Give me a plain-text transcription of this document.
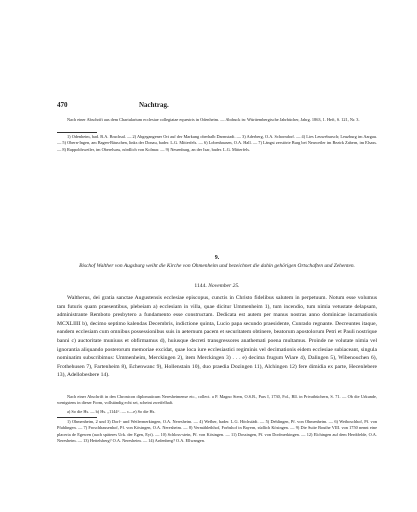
470	Nachtrag.

Nach einer Abschrift aus dem Chartularium ecclesiae collegiatae equestris in Odenheim. — Abdruck in: Württembergische Jahrbücher, Jahrg. 1863, 1. Heft, S. 121, Nr. 3.

1) Odenheim, bad. B.A. Bruchsal. — 2) Abgegangener Ort auf der Markung oberhalb Darmstadt. — 3) Aderberg, O.A. Schorndorf. — 4) Lies Leuwebursch; Leuzburg im Aargau. — 5) Obern-Ingen, am Bagen-Bäuschen, links der Donau, bader. L.G. Mitterfels. — 6) Lobenhausen, O.A. Hall. — 7) Längst zerstörte Burg bei Neuweiler im Bezirk Zabern, im Elsass. — 8) Rappoldsweiler, im Oberelsass, nördlich von Kolmar. — 9) Neuenburg, an der Isar, bader. L.G. Mitterfels.

9.
Bischof Walther von Augsburg weiht die Kirche von Ohmenheim und bezeichnet die dahin gehörigen Ortschaften und Zehenten.
1144. November 25.

Waltherus, dei gratia sanctae Augustensis ecclesiae episcopus, cunctis in Christo fidelibus salutem in perpetuum. Notum esse volumus tam futuris quam praesentibus, plebeiam a) ecclesiam in villa, quae dicitur Ummenheim 1), tum incendio, tum nimia vetustate delapsam, administrante Remboto presbytero a fundamento esse constructam. Dedicata est autem per manus nostras anno dominicae incarnationis MCXLIIII b), decimo septimo kalendas Decembris, indictione quinta, Lucio papa secundo praesidente, Cunrado regnante. Decreuntes itaque, eandem ecclesiam cum omnibus possessionibus suis in aeternum pacem et securitatem obtinere, beatorum apostolorum Petri et Pauli nostrique banni c) auctoritate muniuus et obfirmamus d), huiusque decreti transgressores anathemati poena multamus. Proinde ne volutate nimia vel ignorantia aliquando posterorum memoriae excidat, quae loca iure ecclesiastici regiminis vel decimationis eidem ecclesiae subiaceant, singula nominatim subscribimus: Ummenheim, Merckingen 2), item Merckingen 3) . . . e) decima frugum Wiare 4), Dalingen 5), Wibenouchen 6), Frothehusen 7), Fartenheim 8), Echenwanc 9), Hollenstain 10), duo praedia Dozingen 11), Alchingen 12) fere dimidia ex parte, Hecenlebere 13), Adellobesbere 14).

Nach einer Abschrift in den Chronicon diplomaticum Neresheimense etc., collect. a P. Magno Stern, O.S.B., Pars I, 1730, Fol., Bll. in Privatbüchern, S. 71. — Ob die Urkunde, wenigstens in dieser Form, vollständig echt sei, scheint zweifelhaft.

a) So die Hs. — b) Hs. „1144“. — c—e) So die Hs.

1) Ohmenheim, 2 und 3) Dorf- und Weilermerkingen, O.A. Neresheim. — 4) Wefher, bader. L.G. Höchstädt. — 5) Dehlingen, Pf. von Ohmenheim. — 6) Weiboschhof, Pf. von Pfahlingen. — 7) Froschhausenhof, Pf. von Kösingen, O.A. Neresheim. — 8) Vermählethhof, Forbshof in Bayern, südlich Kösingen. — 9) Die Suite Bouthe VIII. von 1750 nennt eine placeria de Egewen (auch späteres Urk. der Egen, Eyt). — 10) Schloss-stein, Pf. von Kösingen. — 11) Dossingen, Pf. von Dorfmerkingen. — 12) Elchingen auf dem Herdtfelde, O.A. Neresheim. — 13) Hettelsberg? O.A. Neresheim. — 14) Ardenberg? O.A. Ellwangen.
